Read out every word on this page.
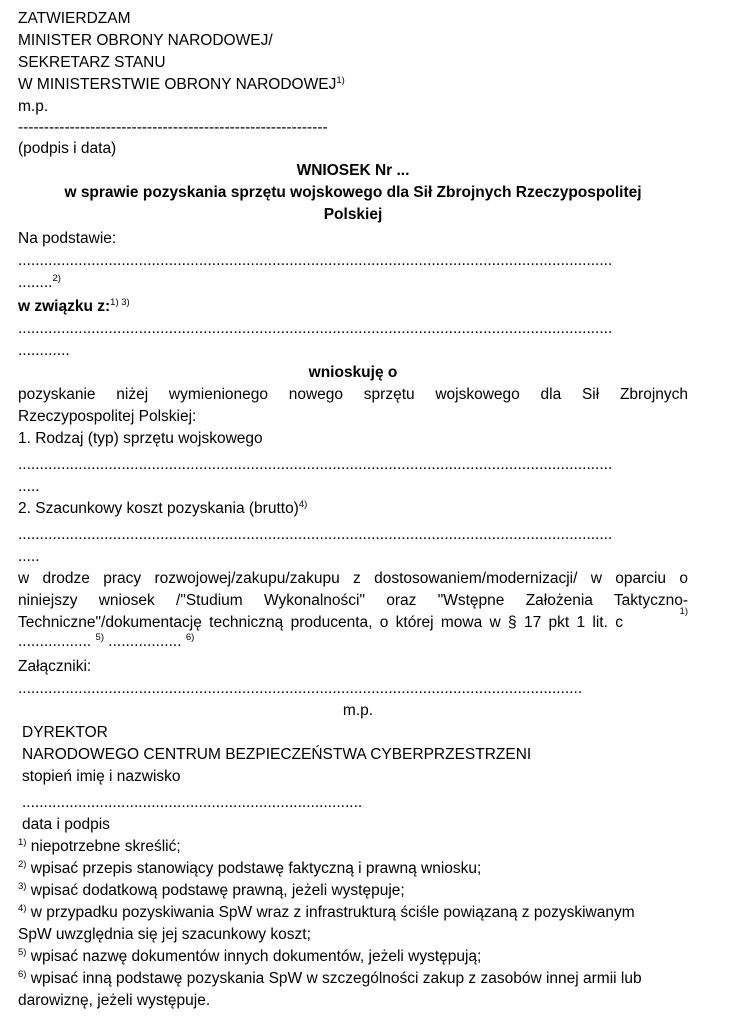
ZATWIERDZAM
MINISTER OBRONY NARODOWEJ/
SEKRETARZ STANU
W MINISTERSTWIE OBRONY NARODOWEJ$^{1)}$
m.p.
------------------------------------------------------------
(podpis i data)
WNIOSEK Nr ...
w sprawie pozyskania sprzętu wojskowego dla Sił Zbrojnych Rzeczypospolitej
Polskiej
Na podstawie:
..........................................................................................................................................
........$^{2)}$
w związku z:$^{1) 3)}$
..........................................................................................................................................
............
wnioskuję o
pozyskanie niżej wymienionego nowego sprzętu wojskowego dla Sił Zbrojnych
Rzeczypospolitej Polskiej:
1. Rodzaj (typ) sprzętu wojskowego
..........................................................................................................................................
.....
2. Szacunkowy koszt pozyskania (brutto)$^{4)}$
..........................................................................................................................................
.....
w drodze pracy rozwojowej/zakupu/zakupu z dostosowaniem/modernizacji/ w oparciu o
niniejszy wniosek /"Studium Wykonalności" oraz "Wstępne Założenia Taktyczno-
Techniczne"/dokumentację techniczną producenta, o której mowa w § 17 pkt 1 lit. c
1)
................. $^{5)}$ ................. $^{6)}$
Załączniki:
...................................................................................................................................
m.p.
DYREKTOR
NARODOWEGO CENTRUM BEZPIECZEŃSTWA CYBERPRZESTRZENI
stopień imię i nazwisko
...............................................................................
data i podpis
$^{1)}$ niepotrzebne skreślić;
$^{2)}$ wpisać przepis stanowiący podstawę faktyczną i prawną wniosku;
$^{3)}$ wpisać dodatkową podstawę prawną, jeżeli występuje;
$^{4)}$ w przypadku pozyskiwania SpW wraz z infrastrukturą ściśle powiązaną z pozyskiwanym
SpW uwzględnia się jej szacunkowy koszt;
$^{5)}$ wpisać nazwę dokumentów innych dokumentów, jeżeli występują;
$^{6)}$ wpisać inną podstawę pozyskania SpW w szczególności zakup z zasobów innej armii lub
darowiznę, jeżeli występuje.
